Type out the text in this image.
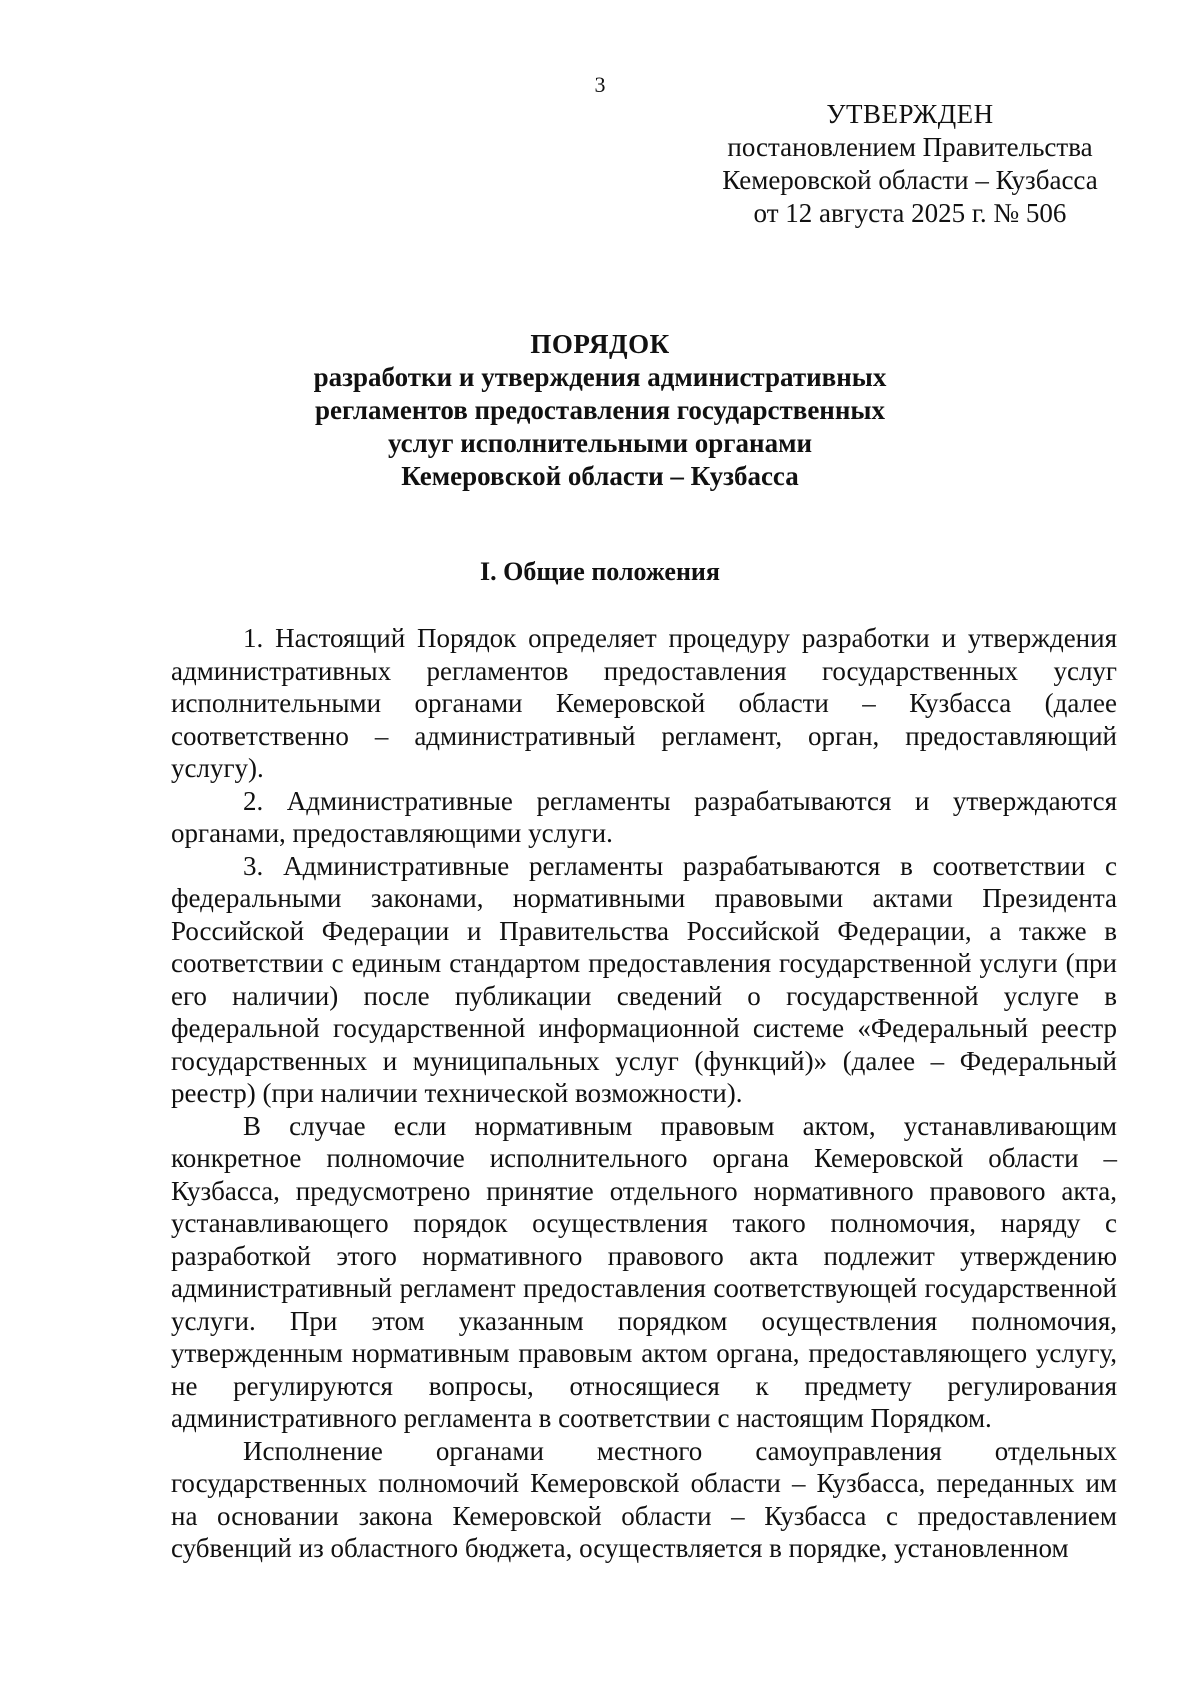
3
УТВЕРЖДЕН
постановлением Правительства
Кемеровской области – Кузбасса
от 12 августа 2025 г. № 506
ПОРЯДОК
разработки и утверждения административных
регламентов предоставления государственных
услуг исполнительными органами
Кемеровской области – Кузбасса
I. Общие положения

1. Настоящий Порядок определяет процедуру разработки и утверждения административных регламентов предоставления государственных услуг исполнительными органами Кемеровской области – Кузбасса (далее соответственно – административный регламент, орган, предоставляющий услугу).

2. Административные регламенты разрабатываются и утверждаются органами, предоставляющими услуги.

3. Административные регламенты разрабатываются в соответствии с федеральными законами, нормативными правовыми актами Президента Российской Федерации и Правительства Российской Федерации, а также в соответствии с единым стандартом предоставления государственной услуги (при его наличии) после публикации сведений о государственной услуге в федеральной государственной информационной системе «Федеральный реестр государственных и муниципальных услуг (функций)» (далее – Федеральный реестр) (при наличии технической возможности).

В случае если нормативным правовым актом, устанавливающим конкретное полномочие исполнительного органа Кемеровской области – Кузбасса, предусмотрено принятие отдельного нормативного правового акта, устанавливающего порядок осуществления такого полномочия, наряду с разработкой этого нормативного правового акта подлежит утверждению административный регламент предоставления соответствующей государственной услуги. При этом указанным порядком осуществления полномочия, утвержденным нормативным правовым актом органа, предоставляющего услугу, не регулируются вопросы, относящиеся к предмету регулирования административного регламента в соответствии с настоящим Порядком.

Исполнение органами местного самоуправления отдельных государственных полномочий Кемеровской области – Кузбасса, переданных им на основании закона Кемеровской области – Кузбасса с предоставлением субвенций из областного бюджета, осуществляется в порядке, установленном
